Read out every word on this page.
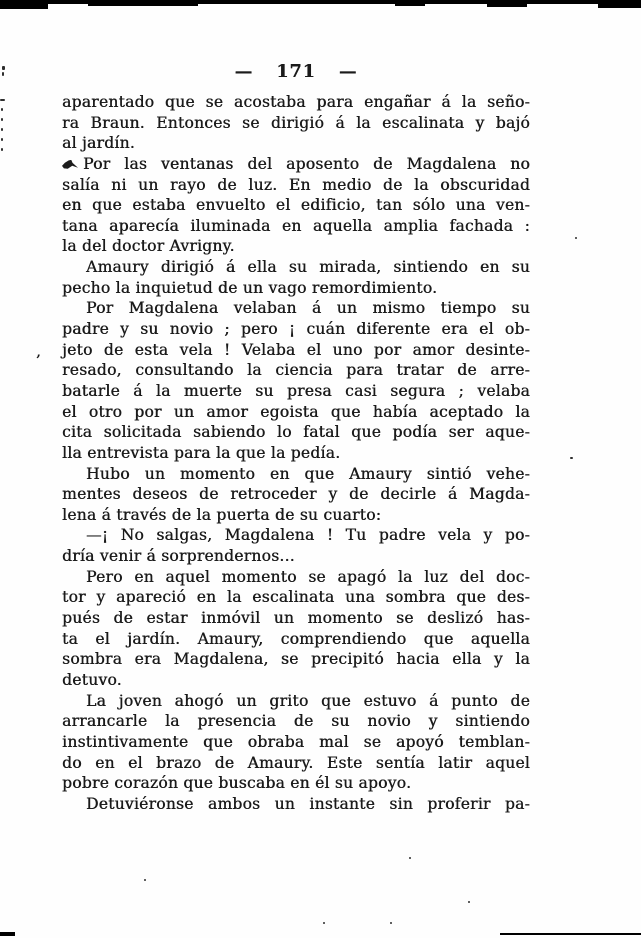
— 171 —
,
aparentado que se acostaba para engañar á la seño-
ra Braun. Entonces se dirigió á la escalinata y bajó
al jardín.
Por las ventanas del aposento de Magdalena no
salía ni un rayo de luz. En medio de la obscuridad
en que estaba envuelto el edificio, tan sólo una ven-
tana aparecía iluminada en aquella amplia fachada :
la del doctor Avrigny.
Amaury dirigió á ella su mirada, sintiendo en su
pecho la inquietud de un vago remordimiento.
Por Magdalena velaban á un mismo tiempo su
padre y su novio ; pero ¡ cuán diferente era el ob-
jeto de esta vela ! Velaba el uno por amor desinte-
resado, consultando la ciencia para tratar de arre-
batarle á la muerte su presa casi segura ; velaba
el otro por un amor egoista que había aceptado la
cita solicitada sabiendo lo fatal que podía ser aque-
lla entrevista para la que la pedía.
Hubo un momento en que Amaury sintió vehe-
mentes deseos de retroceder y de decirle á Magda-
lena á través de la puerta de su cuarto:
—¡ No salgas, Magdalena ! Tu padre vela y po-
dría venir á sorprendernos...
Pero en aquel momento se apagó la luz del doc-
tor y apareció en la escalinata una sombra que des-
pués de estar inmóvil un momento se deslizó has-
ta el jardín. Amaury, comprendiendo que aquella
sombra era Magdalena, se precipitó hacia ella y la
detuvo.
La joven ahogó un grito que estuvo á punto de
arrancarle la presencia de su novio y sintiendo
instintivamente que obraba mal se apoyó temblan-
do en el brazo de Amaury. Este sentía latir aquel
pobre corazón que buscaba en él su apoyo.
Detuviéronse ambos un instante sin proferir pa-
